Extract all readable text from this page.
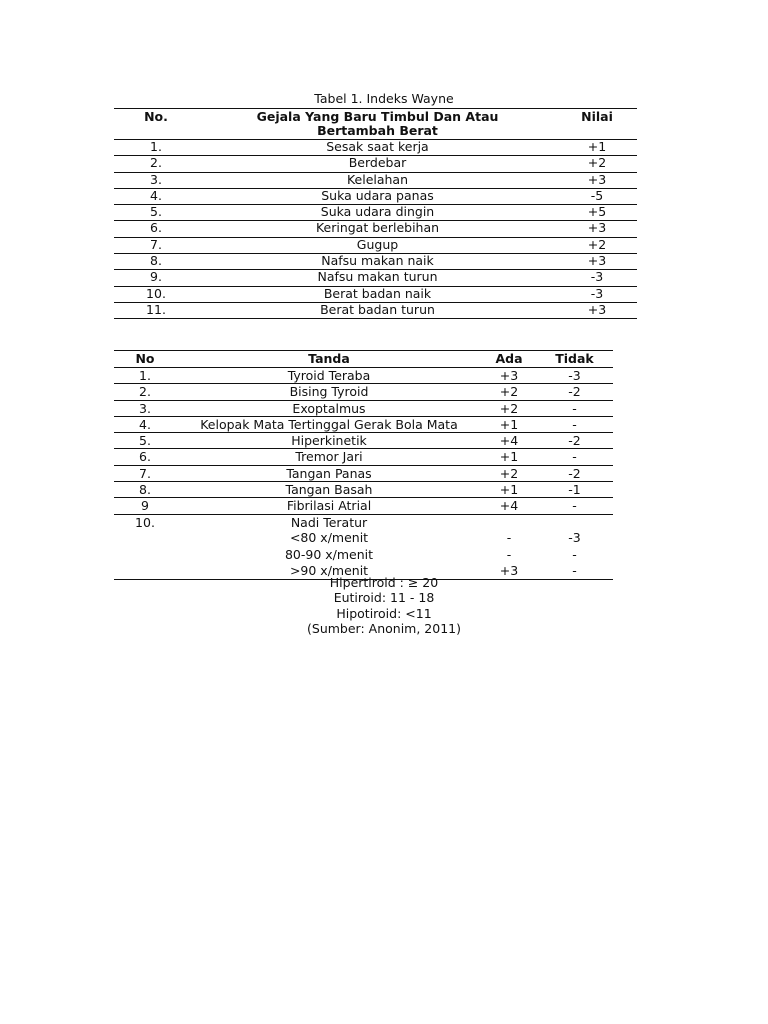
Tabel 1. Indeks Wayne
No.	Gejala Yang Baru Timbul Dan Atau Bertambah Berat	Nilai
1.	Sesak saat kerja	+1
2.	Berdebar	+2
3.	Kelelahan	+3
4.	Suka udara panas	-5
5.	Suka udara dingin	+5
6.	Keringat berlebihan	+3
7.	Gugup	+2
8.	Nafsu makan naik	+3
9.	Nafsu makan turun	-3
10.	Berat badan naik	-3
11.	Berat badan turun	+3
No	Tanda	Ada	Tidak
1.	Tyroid Teraba	+3	-3
2.	Bising Tyroid	+2	-2
3.	Exoptalmus	+2	-
4.	Kelopak Mata Tertinggal Gerak Bola Mata	+1	-
5.	Hiperkinetik	+4	-2
6.	Tremor Jari	+1	-
7.	Tangan Panas	+2	-2
8.	Tangan Basah	+1	-1
9	Fibrilasi Atrial	+4	-
10.	Nadi Teratur		
	<80 x/menit	-	-3
	80-90 x/menit	-	-
	>90 x/menit	+3	-
Hipertiroid : ≥ 20
Eutiroid: 11 - 18
Hipotiroid: <11
(Sumber: Anonim, 2011)
